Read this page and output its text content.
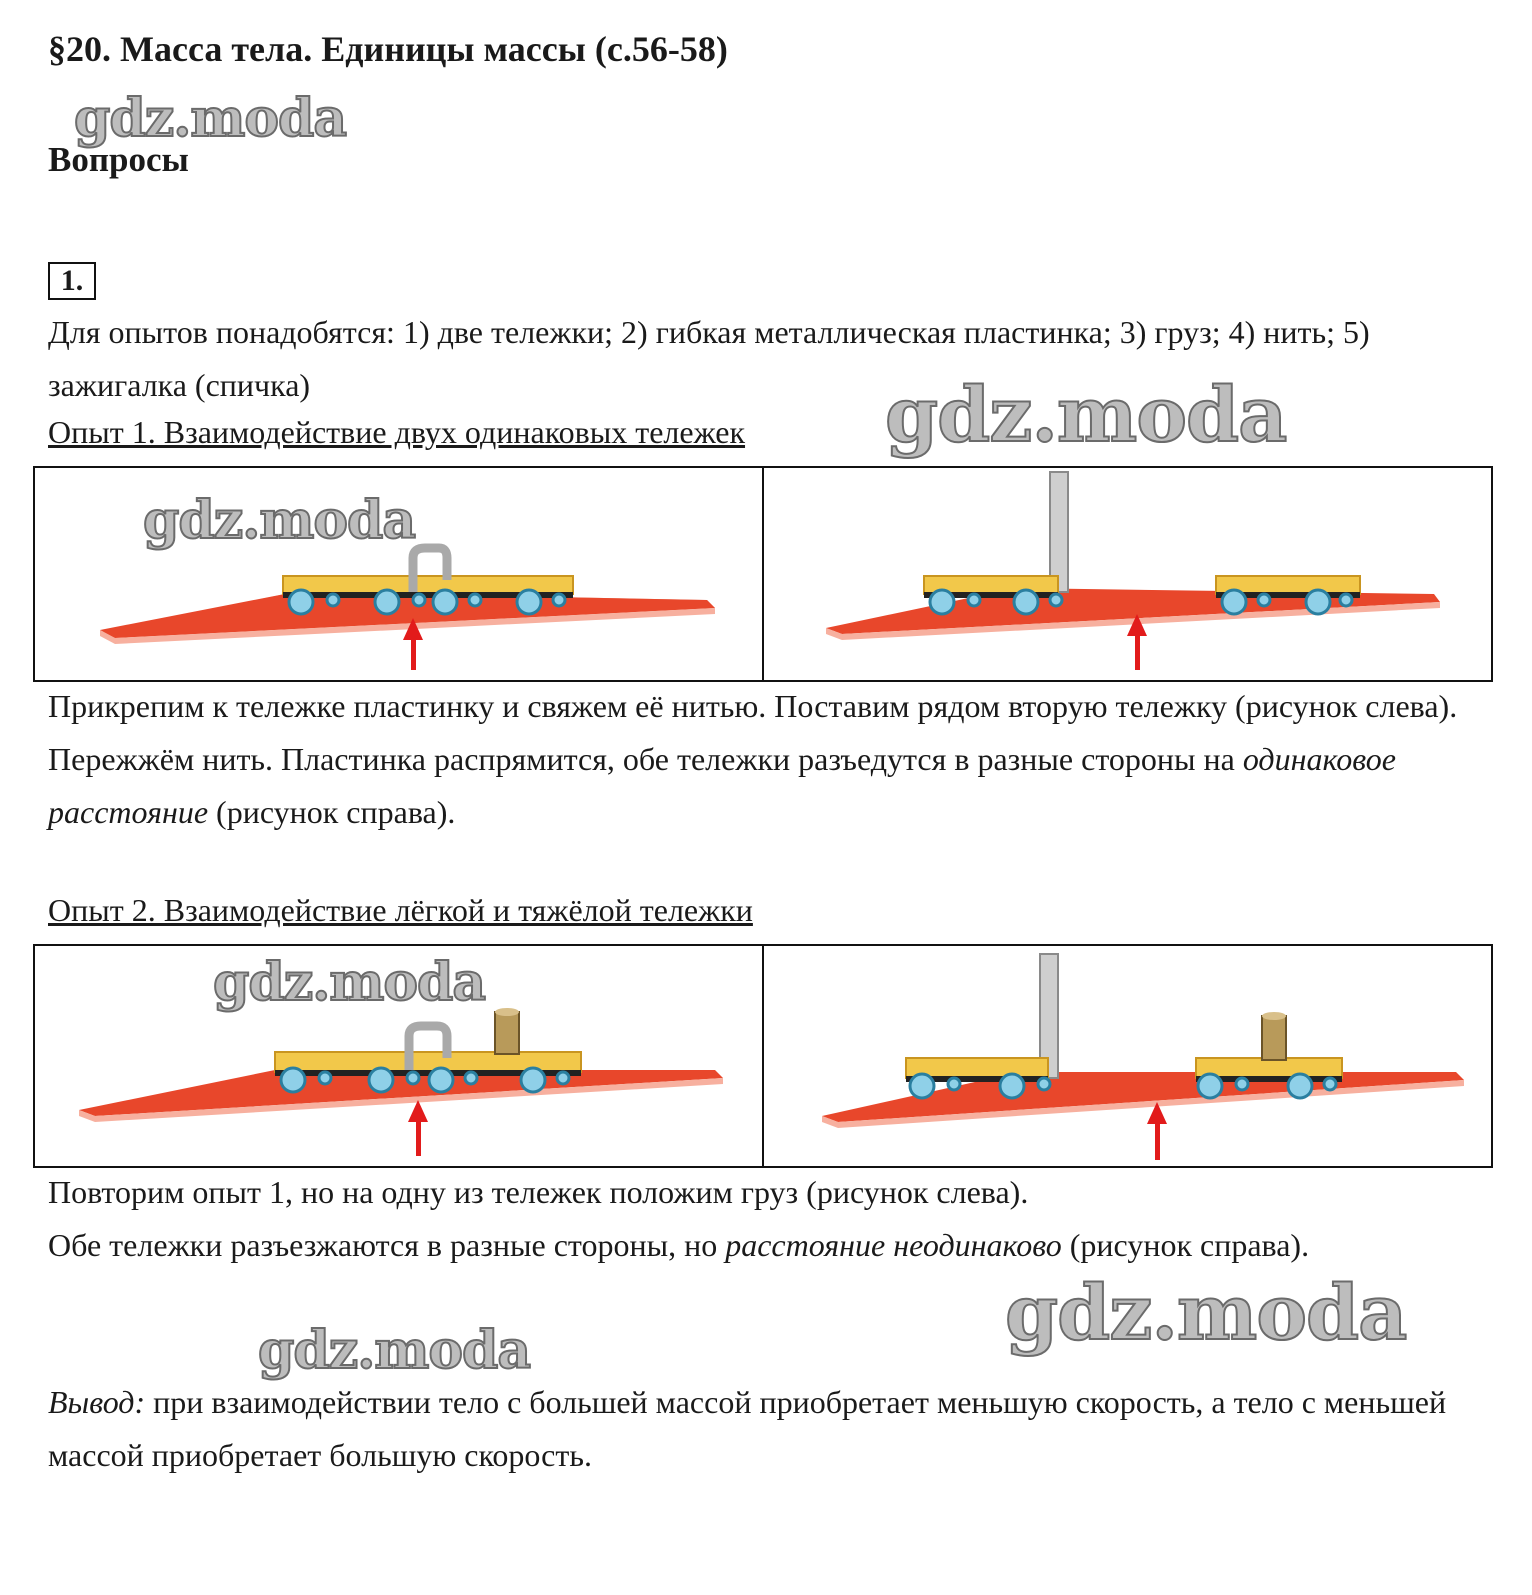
§20. Масса тела. Единицы массы (с.56-58)
gdz.moda
Вопросы
1.
Для опытов понадобятся: 1) две тележки; 2) гибкая металлическая пластинка; 3) груз; 4) нить; 5) зажигалка (спичка)
Опыт 1. Взаимодействие двух одинаковых тележек gdz.moda
gdz.moda
Прикрепим к тележке пластинку и свяжем её нитью. Поставим рядом вторую тележку (рисунок слева). Пережжём нить. Пластинка распрямится, обе тележки разъедутся в разные стороны на одинаковое расстояние (рисунок справа).
Опыт 2. Взаимодействие лёгкой и тяжёлой тележки
gdz.moda
Повторим опыт 1, но на одну из тележек положим груз (рисунок слева).
Обе тележки разъезжаются в разные стороны, но расстояние неодинаково (рисунок справа).
gdz.moda
gdz.moda
Вывод: при взаимодействии тело с большей массой приобретает меньшую скорость, а тело с меньшей массой приобретает большую скорость.
